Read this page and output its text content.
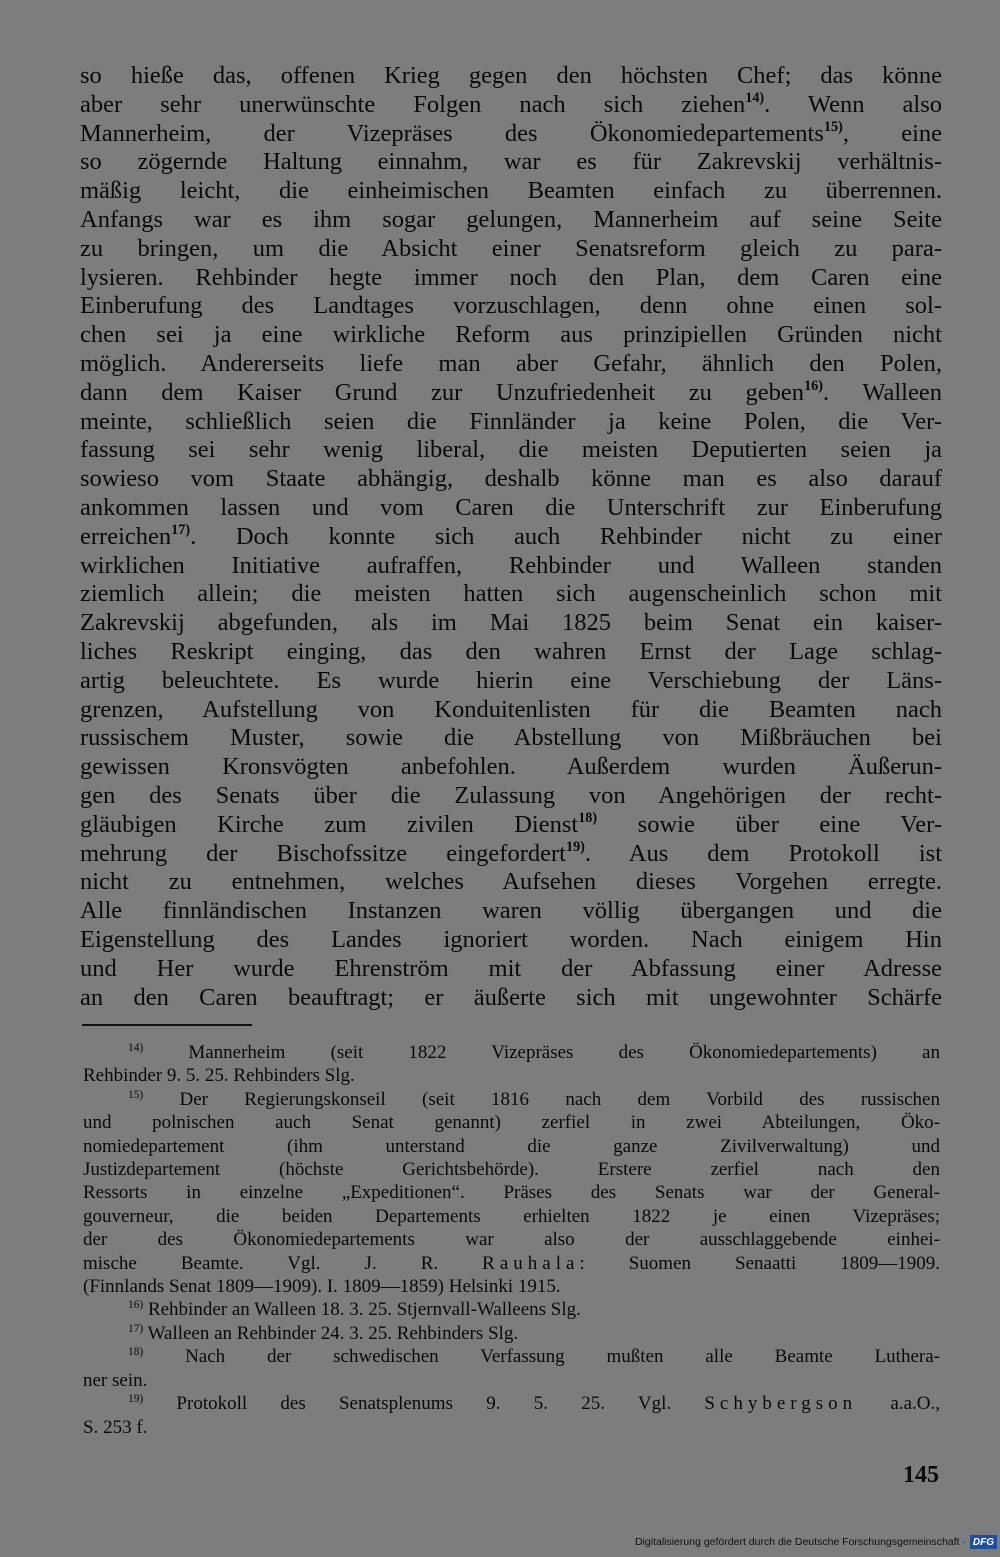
so hieße das, offenen Krieg gegen den höchsten Chef; das könne
aber sehr unerwünschte Folgen nach sich ziehen$^{14)}$. Wenn also
Mannerheim, der Vizepräses des Ökonomiedepartements$^{15)}$, eine
so zögernde Haltung einnahm, war es für Zakrevskij verhältnis-
mäßig leicht, die einheimischen Beamten einfach zu überrennen.
Anfangs war es ihm sogar gelungen, Mannerheim auf seine Seite
zu bringen, um die Absicht einer Senatsreform gleich zu para-
lysieren. Rehbinder hegte immer noch den Plan, dem Caren eine
Einberufung des Landtages vorzuschlagen, denn ohne einen sol-
chen sei ja eine wirkliche Reform aus prinzipiellen Gründen nicht
möglich. Andererseits liefe man aber Gefahr, ähnlich den Polen,
dann dem Kaiser Grund zur Unzufriedenheit zu geben$^{16)}$. Walleen
meinte, schließlich seien die Finnländer ja keine Polen, die Ver-
fassung sei sehr wenig liberal, die meisten Deputierten seien ja
sowieso vom Staate abhängig, deshalb könne man es also darauf
ankommen lassen und vom Caren die Unterschrift zur Einberufung
erreichen$^{17)}$. Doch konnte sich auch Rehbinder nicht zu einer
wirklichen Initiative aufraffen, Rehbinder und Walleen standen
ziemlich allein; die meisten hatten sich augenscheinlich schon mit
Zakrevskij abgefunden, als im Mai 1825 beim Senat ein kaiser-
liches Reskript einging, das den wahren Ernst der Lage schlag-
artig beleuchtete. Es wurde hierin eine Verschiebung der Läns-
grenzen, Aufstellung von Konduitenlisten für die Beamten nach
russischem Muster, sowie die Abstellung von Mißbräuchen bei
gewissen Kronsvögten anbefohlen. Außerdem wurden Äußerun-
gen des Senats über die Zulassung von Angehörigen der recht-
gläubigen Kirche zum zivilen Dienst$^{18)}$ sowie über eine Ver-
mehrung der Bischofssitze eingefordert$^{19)}$. Aus dem Protokoll ist
nicht zu entnehmen, welches Aufsehen dieses Vorgehen erregte.
Alle finnländischen Instanzen waren völlig übergangen und die
Eigenstellung des Landes ignoriert worden. Nach einigem Hin
und Her wurde Ehrenström mit der Abfassung einer Adresse
an den Caren beauftragt; er äußerte sich mit ungewohnter Schärfe
$^{14)}$ Mannerheim (seit 1822 Vizepräses des Ökonomiedepartements) an
Rehbinder 9. 5. 25. Rehbinders Slg.
$^{15)}$ Der Regierungskonseil (seit 1816 nach dem Vorbild des russischen
und polnischen auch Senat genannt) zerfiel in zwei Abteilungen, Öko-
nomiedepartement (ihm unterstand die ganze Zivilverwaltung) und
Justizdepartement (höchste Gerichtsbehörde). Erstere zerfiel nach den
Ressorts in einzelne „Expeditionen“. Präses des Senats war der General-
gouverneur, die beiden Departements erhielten 1822 je einen Vizepräses;
der des Ökonomiedepartements war also der ausschlaggebende einhei-
mische Beamte. Vgl. J. R. Rauhala: Suomen Senaatti 1809—1909.
(Finnlands Senat 1809—1909). I. 1809—1859) Helsinki 1915.
$^{16)}$ Rehbinder an Walleen 18. 3. 25. Stjernvall-Walleens Slg.
$^{17)}$ Walleen an Rehbinder 24. 3. 25. Rehbinders Slg.
$^{18)}$ Nach der schwedischen Verfassung mußten alle Beamte Luthera-
ner sein.
$^{19)}$ Protokoll des Senatsplenums 9. 5. 25. Vgl. Schybergson a.a.O.,
S. 253 f.
145
Digitalisierung gefördert durch die Deutsche Forschungsgemeinschaft · DFG
